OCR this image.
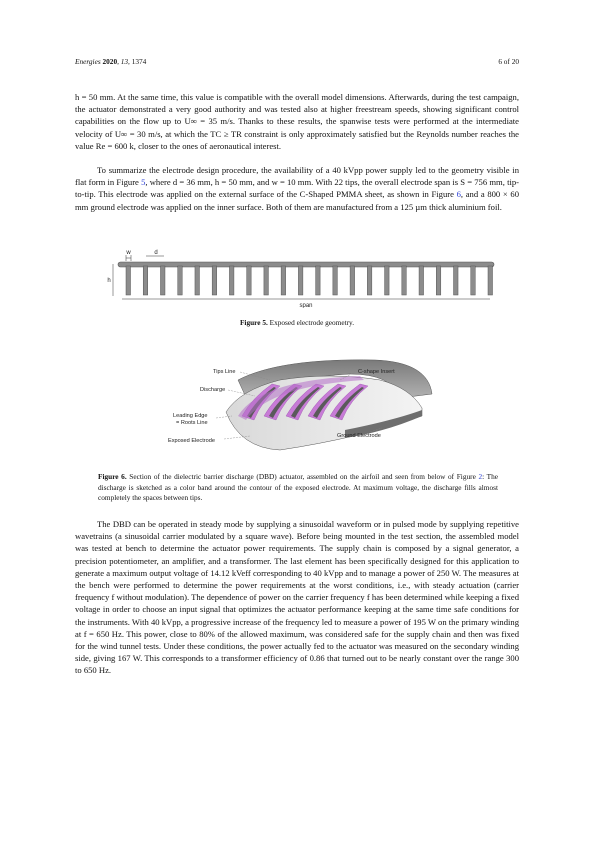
Energies 2020, 13, 1374	6 of 20

h = 50 mm. At the same time, this value is compatible with the overall model dimensions. Afterwards, during the test campaign, the actuator demonstrated a very good authority and was tested also at higher freestream speeds, showing significant control capabilities on the flow up to U∞ = 35 m/s. Thanks to these results, the spanwise tests were performed at the intermediate velocity of U∞ = 30 m/s, at which the TC ≥ TR constraint is only approximately satisfied but the Reynolds number reaches the value Re = 600 k, closer to the ones of aeronautical interest.

To summarize the electrode design procedure, the availability of a 40 kVpp power supply led to the geometry visible in flat form in Figure 5, where d = 36 mm, h = 50 mm, and w = 10 mm. With 22 tips, the overall electrode span is S = 756 mm, tip-to-tip. This electrode was applied on the external surface of the C-Shaped PMMA sheet, as shown in Figure 6, and a 800 × 60 mm ground electrode was applied on the inner surface. Both of them are manufactured from a 125 µm thick aluminium foil.

w	d
h
span
Figure 5. Exposed electrode geometry.
Tips Line
Discharge
Leading Edge
= Roots Line
Exposed Electrode
C-shape Insert
Ground Electrode
Figure 6. Section of the dielectric barrier discharge (DBD) actuator, assembled on the airfoil and seen from below of Figure 2: The discharge is sketched as a color band around the contour of the exposed electrode. At maximum voltage, the discharge fills almost completely the spaces between tips.

The DBD can be operated in steady mode by supplying a sinusoidal waveform or in pulsed mode by supplying repetitive wavetrains (a sinusoidal carrier modulated by a square wave). Before being mounted in the test section, the assembled model was tested at bench to determine the actuator power requirements. The supply chain is composed by a signal generator, a precision potentiometer, an amplifier, and a transformer. The last element has been specifically designed for this application to generate a maximum output voltage of 14.12 kVeff corresponding to 40 kVpp and to manage a power of 250 W. The measures at the bench were performed to determine the power requirements at the worst conditions, i.e., with steady actuation (carrier frequency f without modulation). The dependence of power on the carrier frequency f has been determined while keeping a fixed voltage in order to choose an input signal that optimizes the actuator performance keeping at the same time safe conditions for the instruments. With 40 kVpp, a progressive increase of the frequency led to measure a power of 195 W on the primary winding at f = 650 Hz. This power, close to 80% of the allowed maximum, was considered safe for the supply chain and then was fixed for the wind tunnel tests. Under these conditions, the power actually fed to the actuator was measured on the secondary winding side, giving 167 W. This corresponds to a transformer efficiency of 0.86 that turned out to be nearly constant over the range 300 to 650 Hz.
